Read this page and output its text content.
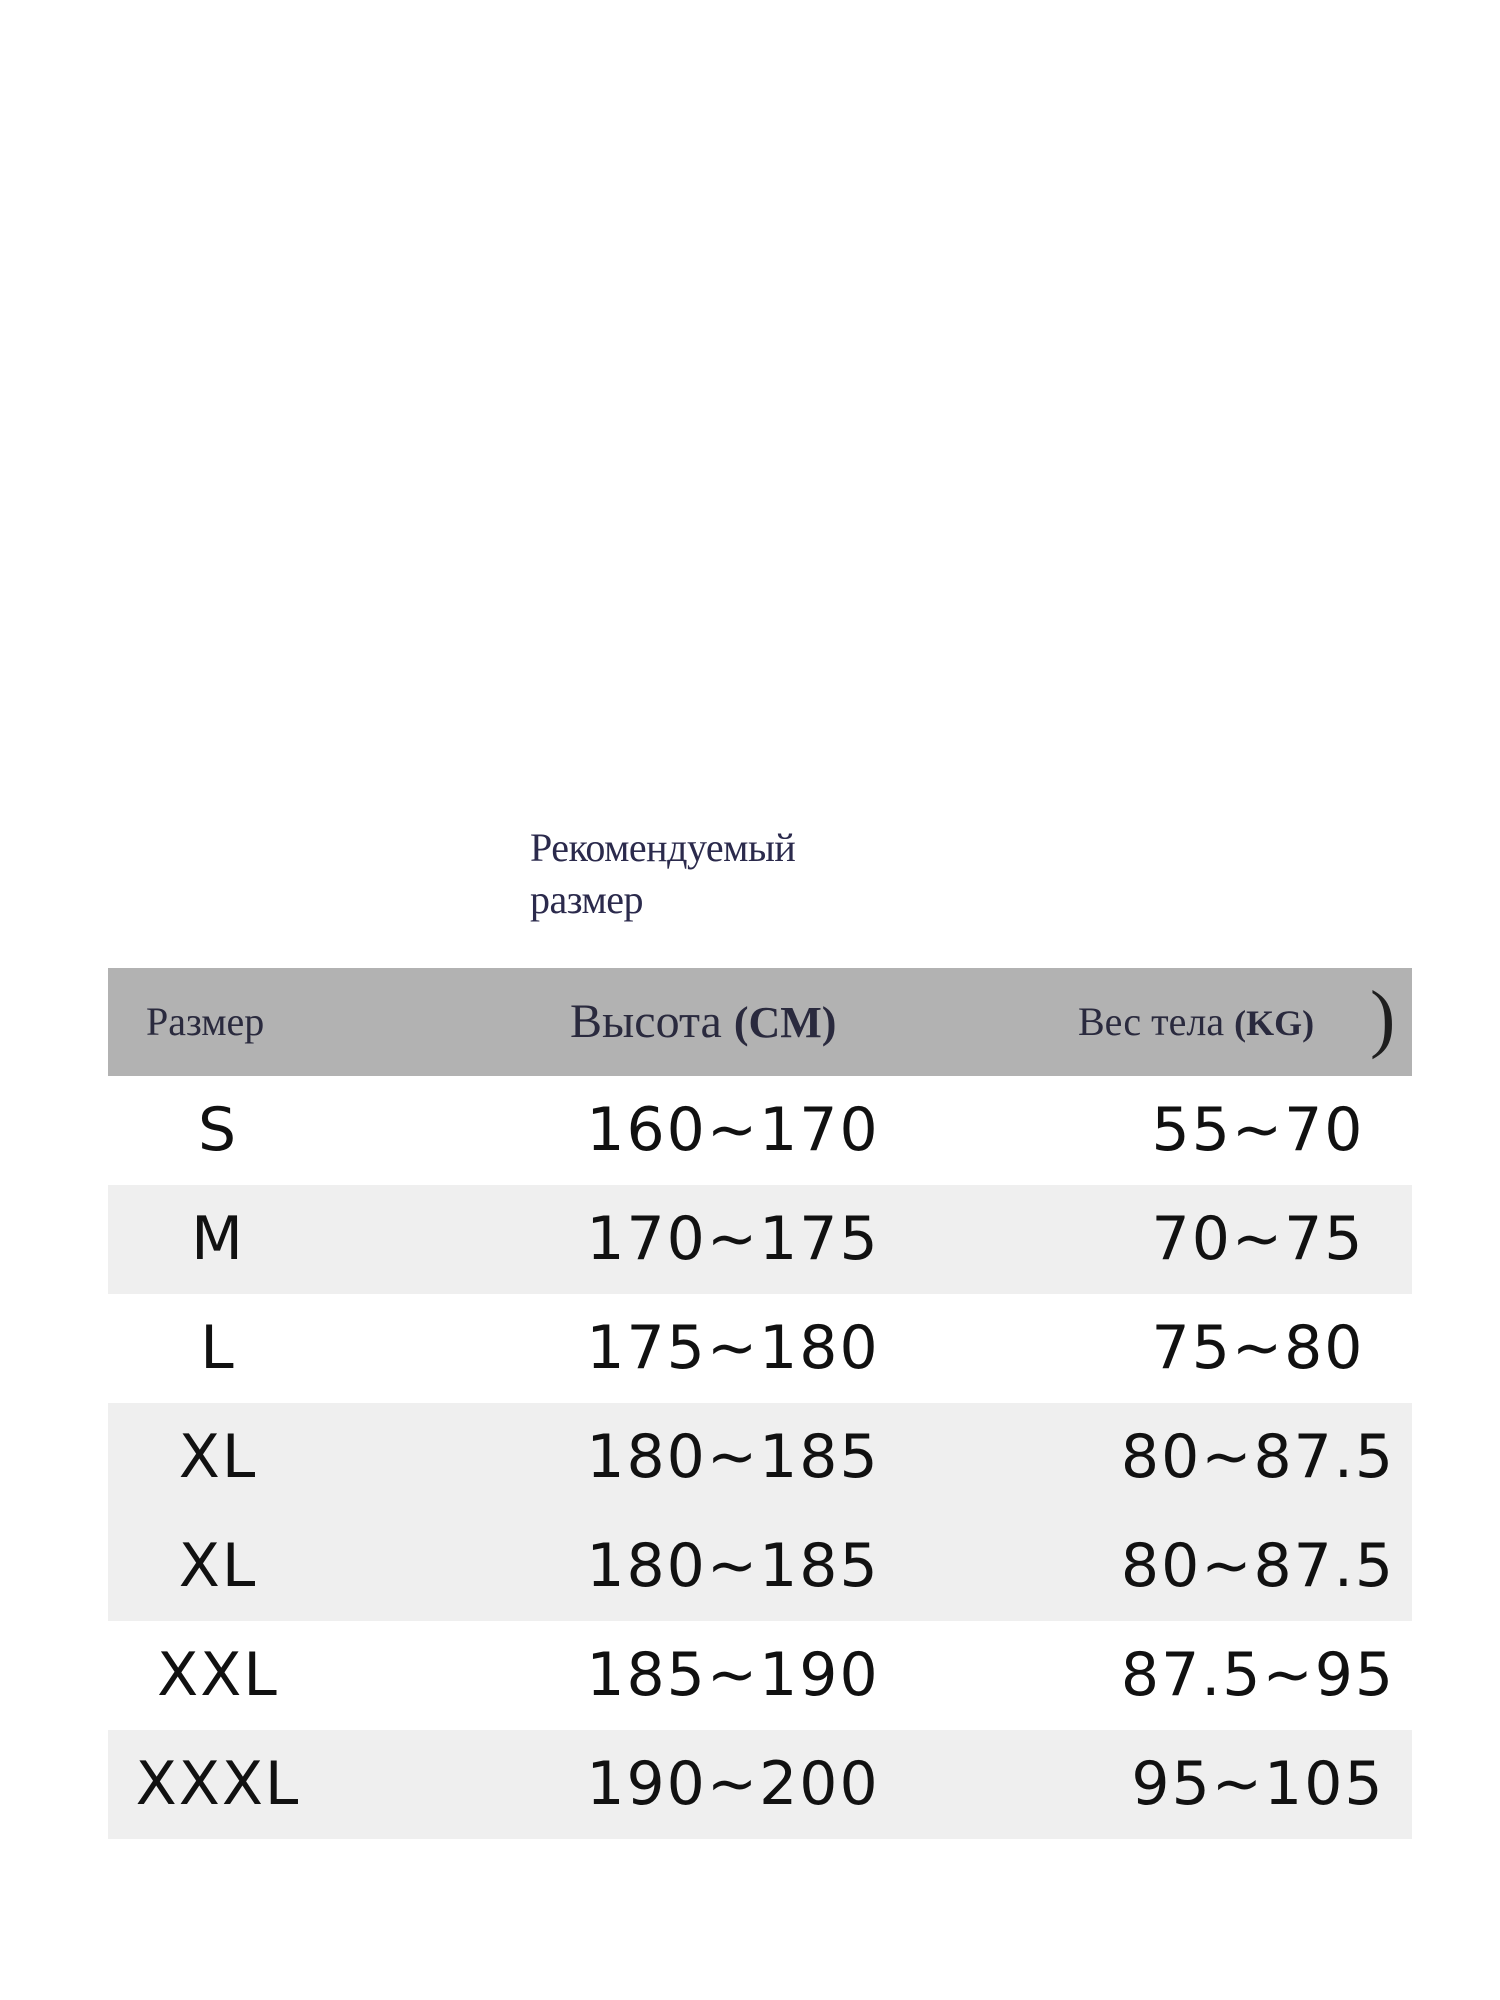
Рекомендуемый
размер
Размер	Высота (CM)	Вес тела (KG) )
S	160~170	55~70
M	170~175	70~75
L	175~180	75~80
XL	180~185	80~87.5
XL	180~185	80~87.5
XXL	185~190	87.5~95
XXXL	190~200	95~105
